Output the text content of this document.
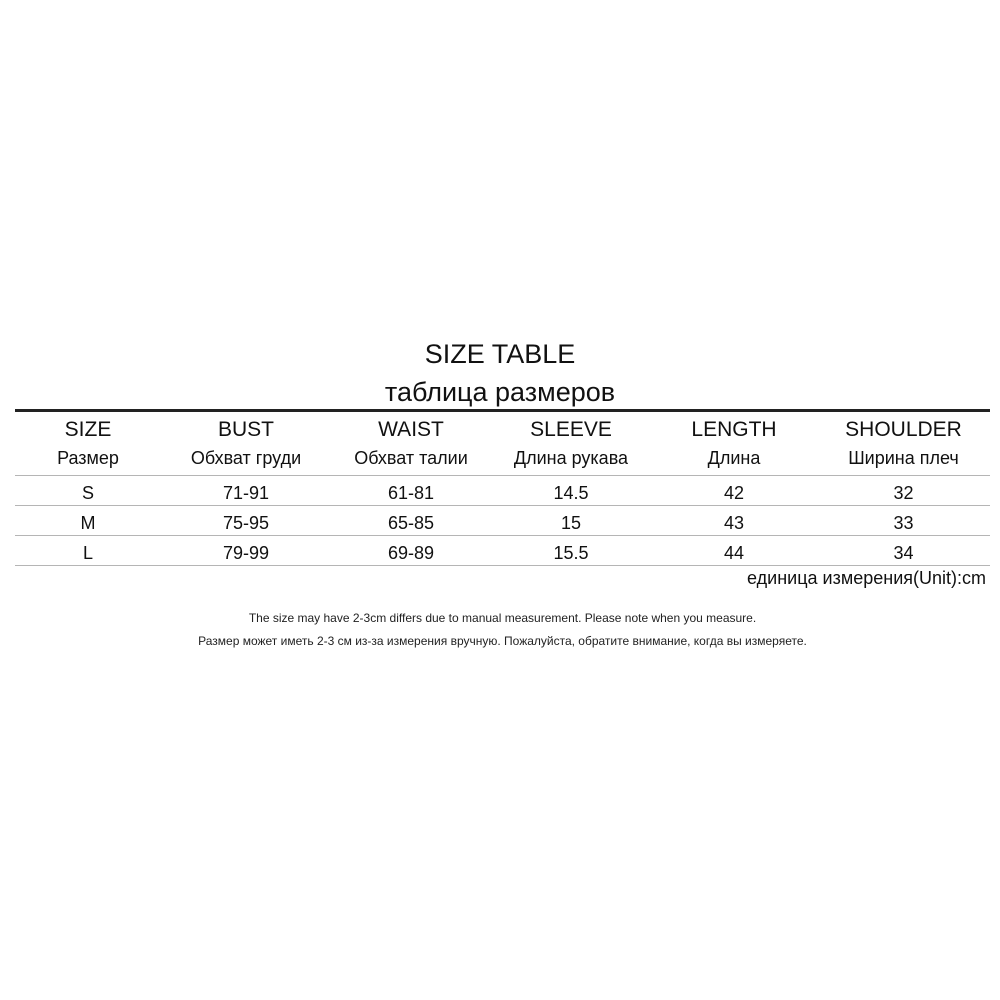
SIZE TABLE
таблица размеров
SIZE	BUST	WAIST	SLEEVE	LENGTH	SHOULDER
Размер	Обхват груди	Обхват талии	Длина рукава	Длина	Ширина плеч
S	71-91	61-81	14.5	42	32
M	75-95	65-85	15	43	33
L	79-99	69-89	15.5	44	34
единица измерения(Unit):cm
The size may have 2-3cm differs due to manual measurement. Please note when you measure.
Размер может иметь 2-3 см из-за измерения вручную. Пожалуйста, обратите внимание, когда вы измеряете.
